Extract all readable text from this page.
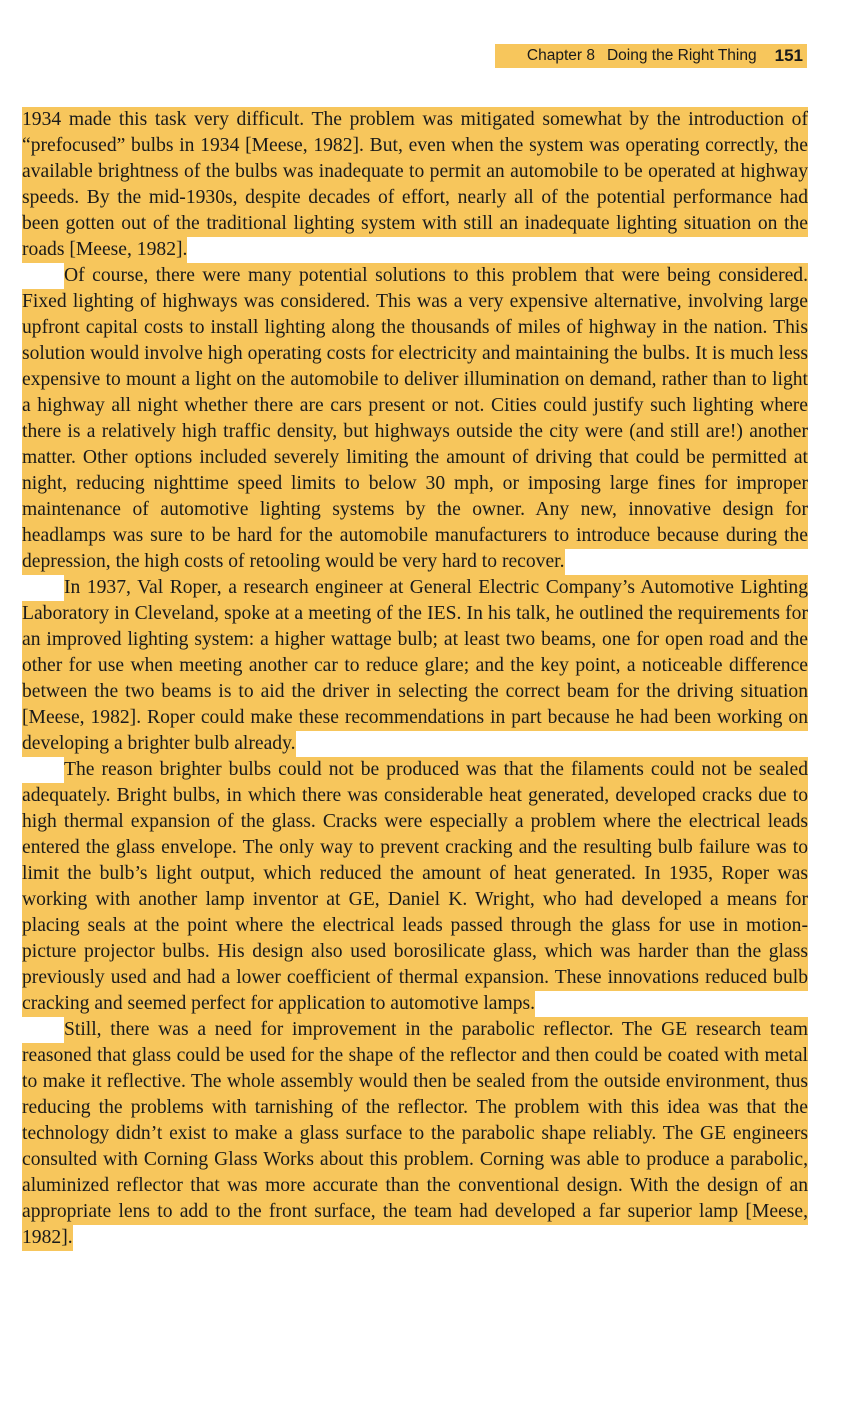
Chapter 8 Doing the Right Thing 151

1934 made this task very difficult. The problem was mitigated somewhat by the introduction of “prefocused” bulbs in 1934 [Meese, 1982]. But, even when the system was operating correctly, the available brightness of the bulbs was inadequate to permit an automobile to be operated at highway speeds. By the mid-1930s, despite decades of effort, nearly all of the potential performance had been gotten out of the traditional lighting system with still an inadequate lighting situation on the roads [Meese, 1982].

Of course, there were many potential solutions to this problem that were being considered. Fixed lighting of highways was considered. This was a very expensive alternative, involving large upfront capital costs to install lighting along the thousands of miles of highway in the nation. This solution would involve high operating costs for electricity and maintaining the bulbs. It is much less expensive to mount a light on the automobile to deliver illumination on demand, rather than to light a highway all night whether there are cars present or not. Cities could justify such lighting where there is a relatively high traffic density, but highways outside the city were (and still are!) another matter. Other options included severely limiting the amount of driving that could be permitted at night, reducing nighttime speed limits to below 30 mph, or imposing large fines for improper maintenance of automotive lighting systems by the owner. Any new, innovative design for headlamps was sure to be hard for the automobile manufacturers to introduce because during the depression, the high costs of retooling would be very hard to recover.

In 1937, Val Roper, a research engineer at General Electric Company’s Automotive Lighting Laboratory in Cleveland, spoke at a meeting of the IES. In his talk, he outlined the requirements for an improved lighting system: a higher wattage bulb; at least two beams, one for open road and the other for use when meeting another car to reduce glare; and the key point, a noticeable difference between the two beams is to aid the driver in selecting the correct beam for the driving situation [Meese, 1982]. Roper could make these recommendations in part because he had been working on developing a brighter bulb already.

The reason brighter bulbs could not be produced was that the filaments could not be sealed adequately. Bright bulbs, in which there was considerable heat generated, developed cracks due to high thermal expansion of the glass. Cracks were especially a problem where the electrical leads entered the glass envelope. The only way to prevent cracking and the resulting bulb failure was to limit the bulb’s light output, which reduced the amount of heat generated. In 1935, Roper was working with another lamp inventor at GE, Daniel K. Wright, who had developed a means for placing seals at the point where the electrical leads passed through the glass for use in motion-picture projector bulbs. His design also used borosilicate glass, which was harder than the glass previously used and had a lower coefficient of thermal expansion. These innovations reduced bulb cracking and seemed perfect for application to automotive lamps.

Still, there was a need for improvement in the parabolic reflector. The GE research team reasoned that glass could be used for the shape of the reflector and then could be coated with metal to make it reflective. The whole assembly would then be sealed from the outside environment, thus reducing the problems with tarnishing of the reflector. The problem with this idea was that the technology didn’t exist to make a glass surface to the parabolic shape reliably. The GE engineers consulted with Corning Glass Works about this problem. Corning was able to produce a parabolic, aluminized reflector that was more accurate than the conventional design. With the design of an appropriate lens to add to the front surface, the team had developed a far superior lamp [Meese, 1982].
